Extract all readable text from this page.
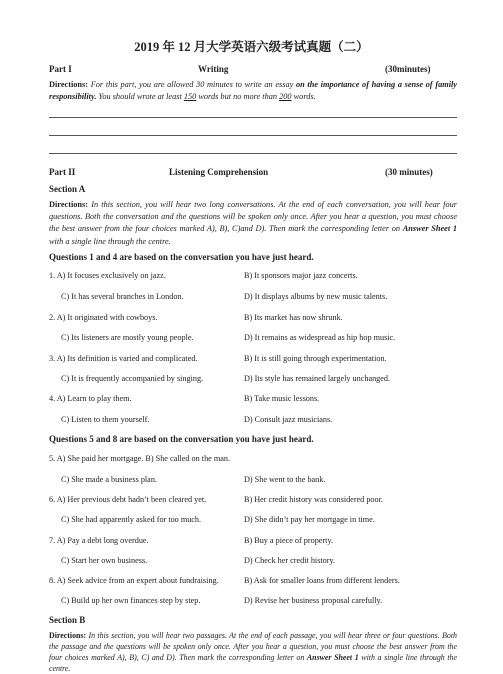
2019 年 12 月大学英语六级考试真题（二）
Part I	Writing	(30minutes)
Directions: For this part, you are allowed 30 minutes to write an essay on the importance of having a sense of family responsibility. You should wrote at least 150 words but no more than 200 words.
Part II	Listening Comprehension	(30 minutes)
Section A
Directions: In this section, you will hear two long conversations. At the end of each conversation, you will hear four questions. Both the conversation and the questions will be spoken only once. After you hear a question, you must choose the best answer from the four choices marked A), B), C)and D). Then mark the corresponding letter on Answer Sheet 1 with a single line through the centre.
Questions 1 and 4 are based on the conversation you have just heard.
1. A) It focuses exclusively on jazz.	B) It sponsors major jazz concerts.
C) It has several branches in London.	D) It displays albums by new music talents.
2. A) It originated with cowboys.	B) Its market has now shrunk.
C) Its listeners are mostly young people.	D) It remains as widespread as hip hop music.
3. A) Its definition is varied and complicated.	B) It is still going through experimentation.
C) It is frequently accompanied by singing.	D) Its style has remained largely unchanged.
4. A) Learn to play them.	B) Take music lessons.
C) Listen to them yourself.	D) Consult jazz musicians.
Questions 5 and 8 are based on the conversation you have just heard.
5. A) She paid her mortgage. B) She called on the man.
C) She made a business plan.	D) She went to the bank.
6. A) Her previous debt hadn’t been cleared yet.	B) Her credit history was considered poor.
C) She had apparently asked for too much.	D) She didn’t pay her mortgage in time.
7. A) Pay a debt long overdue.	B) Buy a piece of property.
C) Start her own business.	D) Check her credit history.
8. A) Seek advice from an expert about fundraising.	B) Ask for smaller loans from different lenders.
C) Build up her own finances step by step.	D) Revise her business proposal carefully.
Section B
Directions: In this section, you will hear two passages. At the end of each passage, you will hear three or four questions. Both the passage and the questions will be spoken only once. After you hear a question, you must choose the best answer from the four choices marked A), B), C) and D). Then mark the corresponding letter on Answer Sheet 1 with a single line through the centre.
